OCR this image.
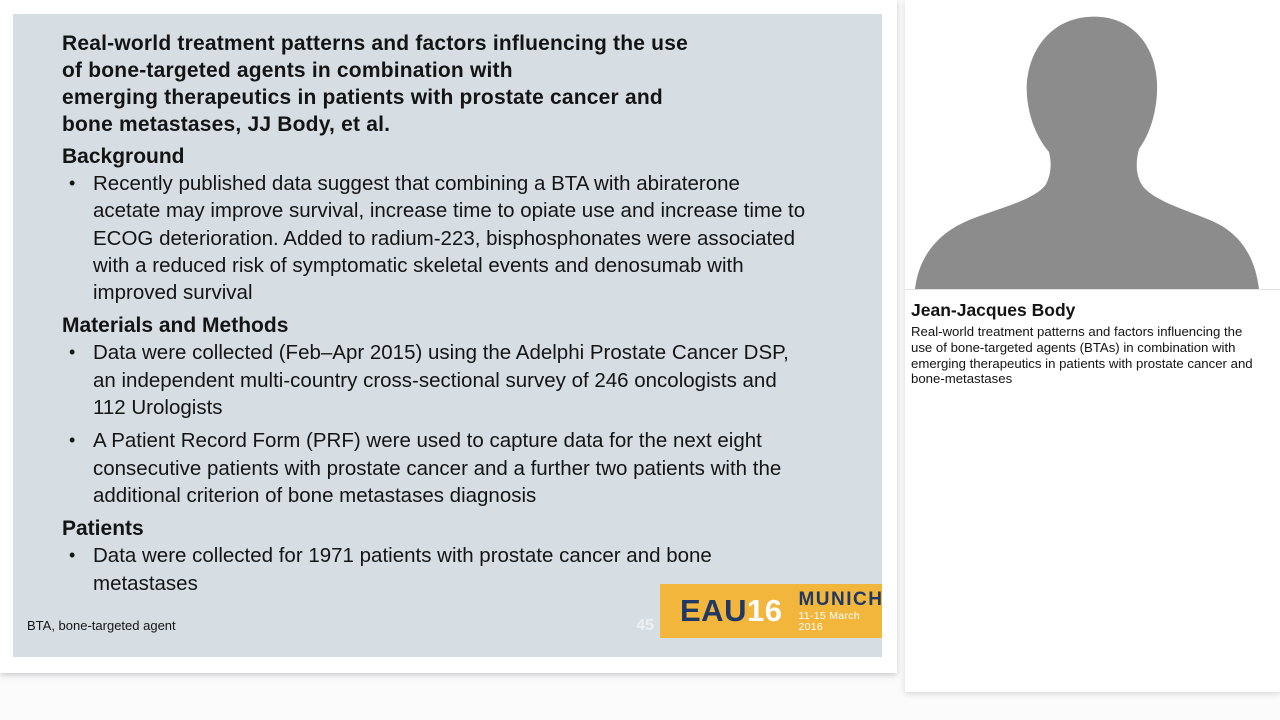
Real-world treatment patterns and factors influencing the use
of bone-targeted agents in combination with
emerging therapeutics in patients with prostate cancer and
bone metastases, JJ Body, et al.
Background
• Recently published data suggest that combining a BTA with abiraterone acetate may improve survival, increase time to opiate use and increase time to ECOG deterioration. Added to radium-223, bisphosphonates were associated with a reduced risk of symptomatic skeletal events and denosumab with improved survival
Materials and Methods
• Data were collected (Feb–Apr 2015) using the Adelphi Prostate Cancer DSP, an independent multi-country cross-sectional survey of 246 oncologists and 112 Urologists
• A Patient Record Form (PRF) were used to capture data for the next eight consecutive patients with prostate cancer and a further two patients with the additional criterion of bone metastases diagnosis
Patients
• Data were collected for 1971 patients with prostate cancer and bone metastases
BTA, bone-targeted agent	45 EAU 16 MUNICH
11-15 March 2016
Jean-Jacques Body
Real-world treatment patterns and factors influencing the use of bone-targeted agents (BTAs) in combination with emerging therapeutics in patients with prostate cancer and bone-metastases
